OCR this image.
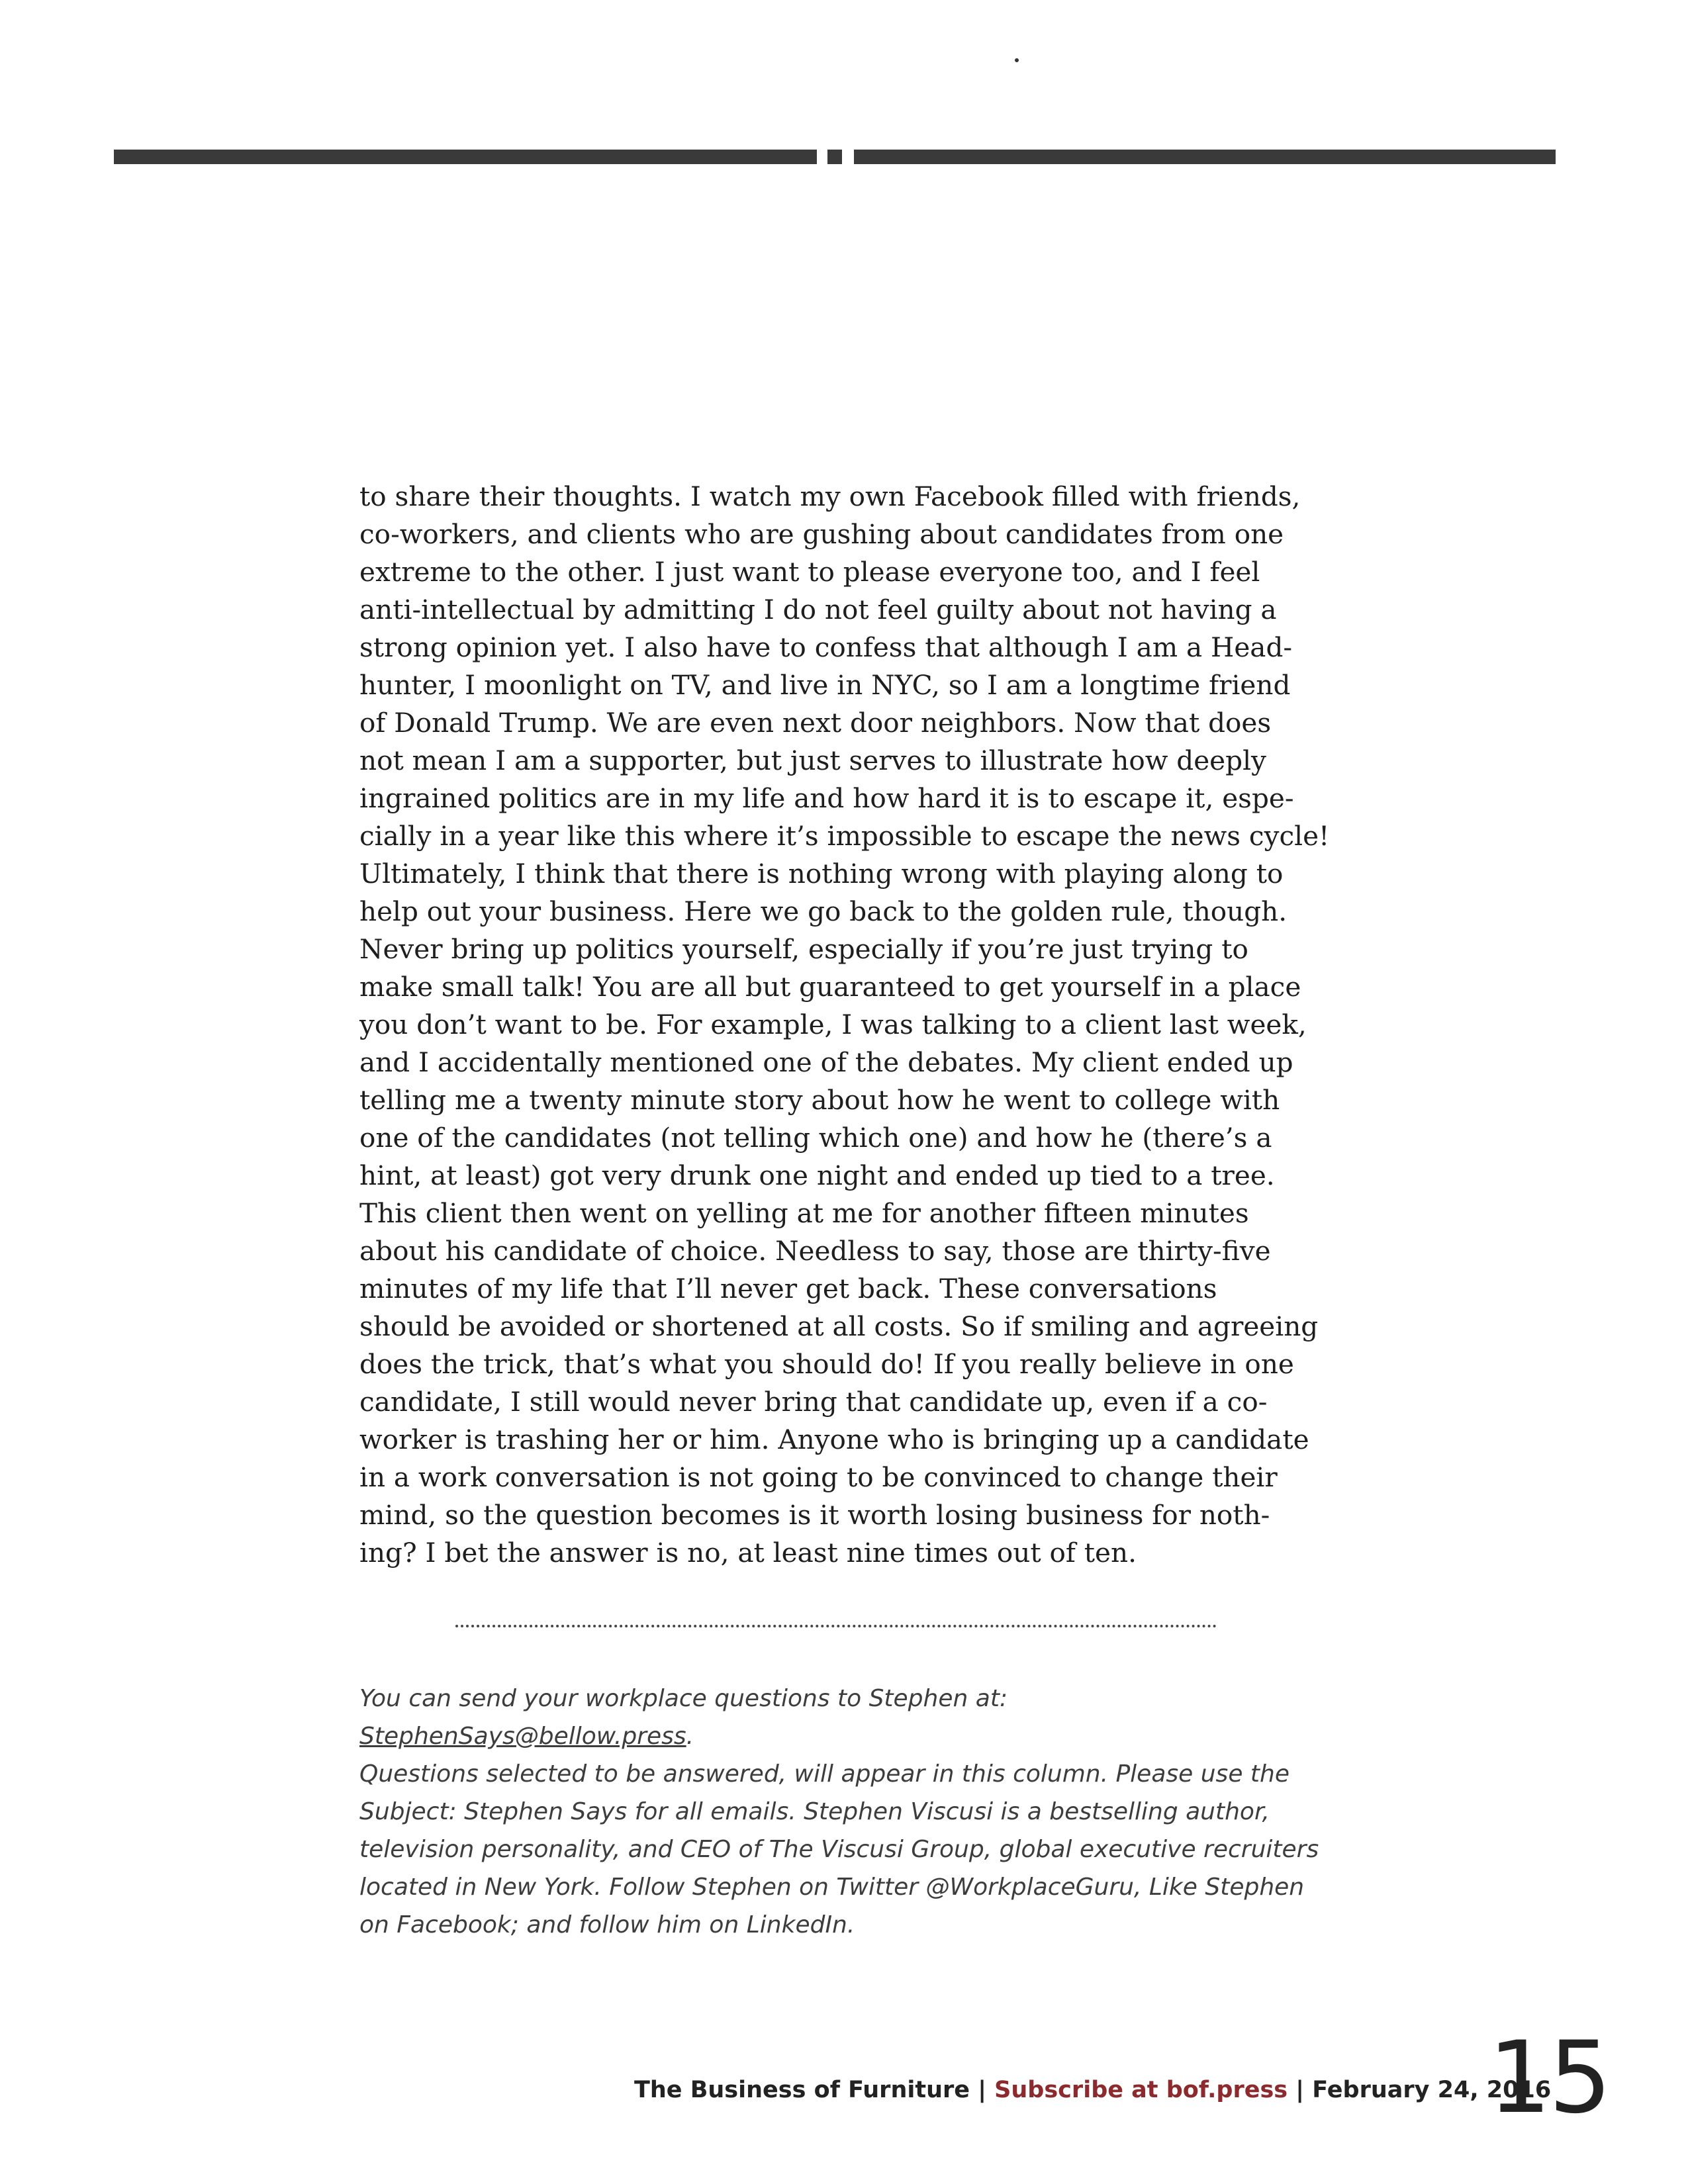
to share their thoughts. I watch my own Facebook filled with friends,
co-workers, and clients who are gushing about candidates from one
extreme to the other. I just want to please everyone too, and I feel
anti-intellectual by admitting I do not feel guilty about not having a
strong opinion yet. I also have to confess that although I am a Head-
hunter, I moonlight on TV, and live in NYC, so I am a longtime friend
of Donald Trump. We are even next door neighbors. Now that does
not mean I am a supporter, but just serves to illustrate how deeply
ingrained politics are in my life and how hard it is to escape it, espe-
cially in a year like this where it’s impossible to escape the news cycle!
Ultimately, I think that there is nothing wrong with playing along to
help out your business. Here we go back to the golden rule, though.
Never bring up politics yourself, especially if you’re just trying to
make small talk! You are all but guaranteed to get yourself in a place
you don’t want to be. For example, I was talking to a client last week,
and I accidentally mentioned one of the debates. My client ended up
telling me a twenty minute story about how he went to college with
one of the candidates (not telling which one) and how he (there’s a
hint, at least) got very drunk one night and ended up tied to a tree.
This client then went on yelling at me for another fifteen minutes
about his candidate of choice. Needless to say, those are thirty-five
minutes of my life that I’ll never get back. These conversations
should be avoided or shortened at all costs. So if smiling and agreeing
does the trick, that’s what you should do! If you really believe in one
candidate, I still would never bring that candidate up, even if a co-
worker is trashing her or him. Anyone who is bringing up a candidate
in a work conversation is not going to be convinced to change their
mind, so the question becomes is it worth losing business for noth-
ing? I bet the answer is no, at least nine times out of ten.
You can send your workplace questions to Stephen at:
StephenSays@bellow.press.
Questions selected to be answered, will appear in this column. Please use the
Subject: Stephen Says for all emails. Stephen Viscusi is a bestselling author,
television personality, and CEO of The Viscusi Group, global executive recruiters
located in New York. Follow Stephen on Twitter @WorkplaceGuru, Like Stephen
on Facebook; and follow him on LinkedIn.
The Business of Furniture | Subscribe at bof.press | February 24, 2016
15
